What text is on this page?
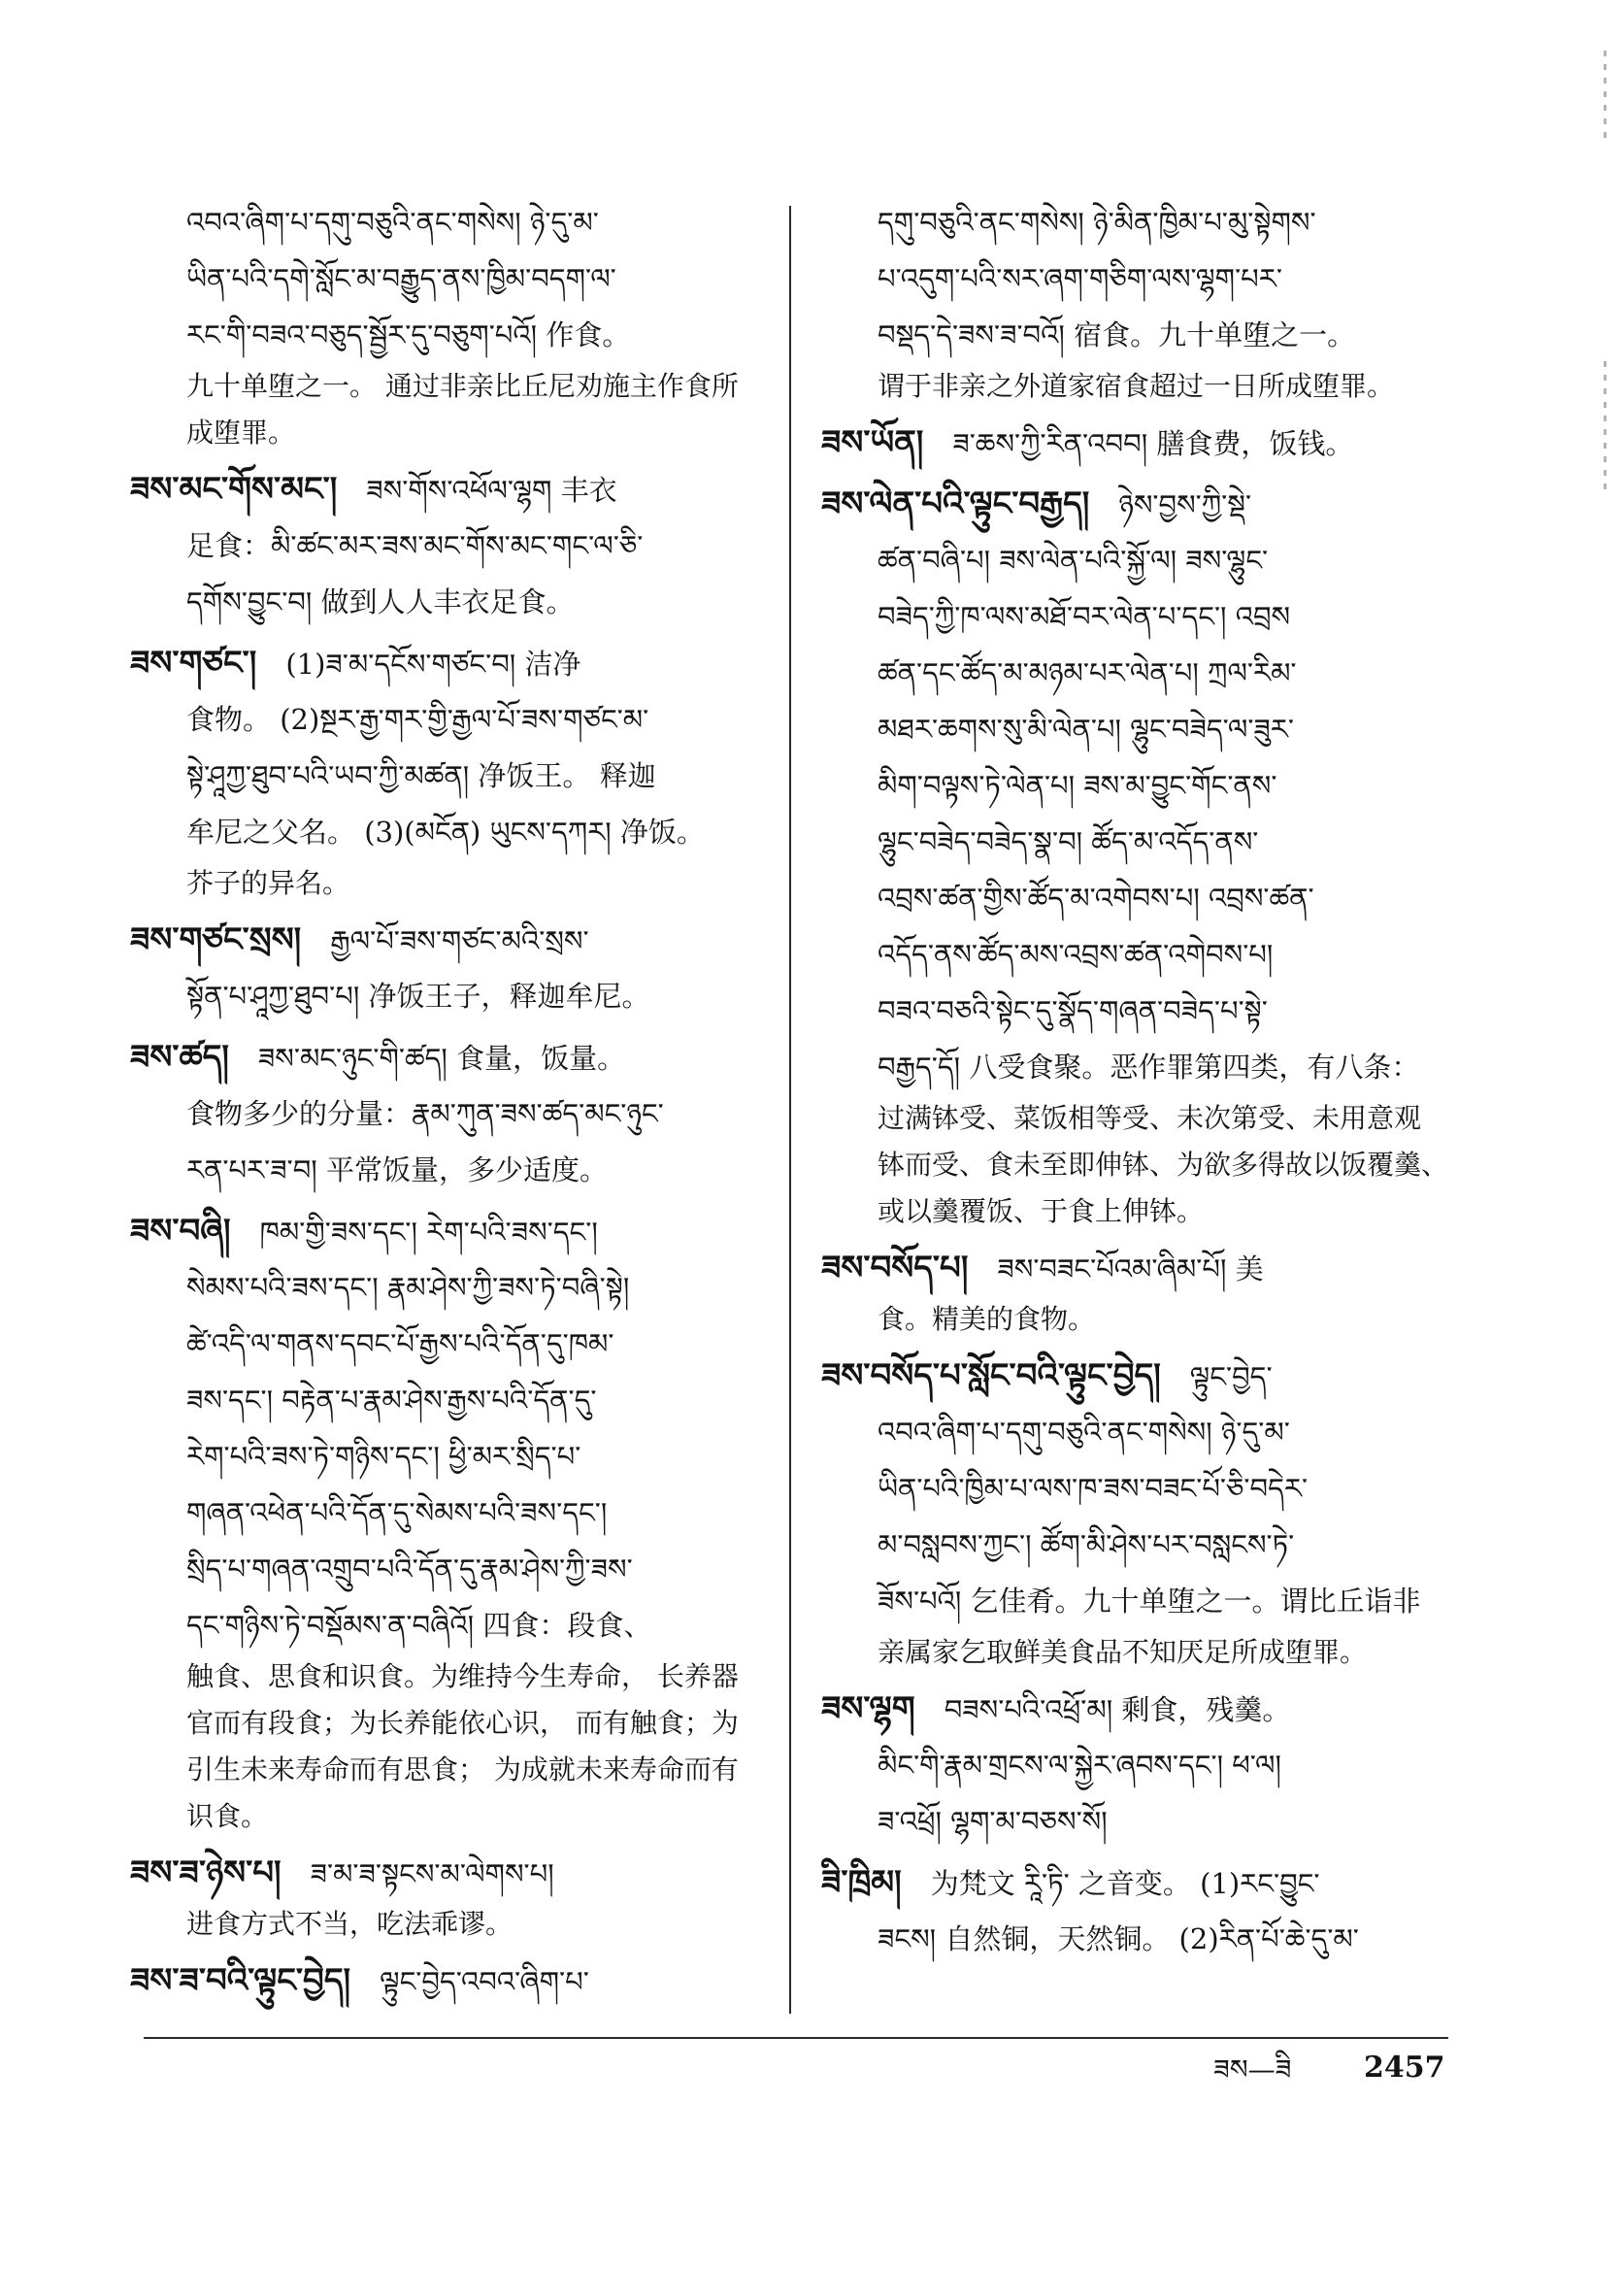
འབའ་ཞིག་པ་དགུ་བཅུའི་ནང་གསེས། ཉེ་དུ་མ་
ཡིན་པའི་དགེ་སློང་མ་བརྒྱུད་ནས་ཁྱིམ་བདག་ལ་
རང་གི་བཟའ་བཅུད་སྦྱོར་དུ་བཅུག་པའོ། 作食。
九十单堕之一。 通过非亲比丘尼劝施主作食所
成堕罪。
ཟས་མང་གོས་མང་། ཟས་གོས་འཕོལ་ལྷག 丰衣
足食：མི་ཚང་མར་ཟས་མང་གོས་མང་གང་ལ་ཅི་
དགོས་བྱུང་བ། 做到人人丰衣足食。
ཟས་གཙང་། (1)ཟ་མ་དངོས་གཙང་བ། 洁净
食物。 (2)སྔར་རྒྱ་གར་གྱི་རྒྱལ་པོ་ཟས་གཙང་མ་
སྟེ་ཤཱཀྱ་ཐུབ་པའི་ཡབ་ཀྱི་མཚན། 净饭王。 释迦
牟尼之父名。 (3)(མངོན) ཡུངས་དཀར། 净饭。
芥子的异名。
ཟས་གཙང་སྲས། རྒྱལ་པོ་ཟས་གཙང་མའི་སྲས་
སྟོན་པ་ཤཱཀྱ་ཐུབ་པ། 净饭王子，释迦牟尼。
ཟས་ཚད། ཟས་མང་ཉུང་གི་ཚད། 食量，饭量。
食物多少的分量：རྣམ་ཀུན་ཟས་ཚད་མང་ཉུང་
རན་པར་ཟ་བ། 平常饭量，多少适度。
ཟས་བཞི། ཁམ་གྱི་ཟས་དང་། རེག་པའི་ཟས་དང་།
སེམས་པའི་ཟས་དང་། རྣམ་ཤེས་ཀྱི་ཟས་ཏེ་བཞི་སྟེ།
ཚེ་འདི་ལ་གནས་དབང་པོ་རྒྱས་པའི་དོན་དུ་ཁམ་
ཟས་དང་། བརྟེན་པ་རྣམ་ཤེས་རྒྱས་པའི་དོན་དུ་
རེག་པའི་ཟས་ཏེ་གཉིས་དང་། ཕྱི་མར་སྲིད་པ་
གཞན་འཕེན་པའི་དོན་དུ་སེམས་པའི་ཟས་དང་།
སྲིད་པ་གཞན་འགྲུབ་པའི་དོན་དུ་རྣམ་ཤེས་ཀྱི་ཟས་
དང་གཉིས་ཏེ་བསྡོམས་ན་བཞིའོ། 四食：段食、
触食、思食和识食。为维持今生寿命， 长养器
官而有段食；为长养能依心识， 而有触食；为
引生未来寿命而有思食； 为成就未来寿命而有
识食。
ཟས་ཟ་ཉེས་པ། ཟ་མ་ཟ་སྟངས་མ་ལེགས་པ།
进食方式不当，吃法乖谬。
ཟས་ཟ་བའི་ལྟུང་བྱེད། ལྟུང་བྱེད་འབའ་ཞིག་པ་
དགུ་བཅུའི་ནང་གསེས། ཉེ་མིན་ཁྱིམ་པ་མུ་སྟེགས་
པ་འདུག་པའི་སར་ཞག་གཅིག་ལས་ལྷག་པར་
བསྡད་དེ་ཟས་ཟ་བའོ། 宿食。九十单堕之一。
谓于非亲之外道家宿食超过一日所成堕罪。
ཟས་ཡོན། ཟ་ཆས་ཀྱི་རིན་འབབ། 膳食费，饭钱。
ཟས་ལེན་པའི་ལྟུང་བརྒྱད། ཉེས་བྱས་ཀྱི་སྡེ་
ཚན་བཞི་པ། ཟས་ལེན་པའི་སྐྱོ་ལ། ཟས་ལྷུང་
བཟེད་ཀྱི་ཁ་ལས་མཐོ་བར་ལེན་པ་དང་། འབྲས
ཚན་དང་ཚོད་མ་མཉམ་པར་ལེན་པ། ཀྲལ་རིམ་
མཐར་ཆགས་སུ་མི་ལེན་པ། ལྷུང་བཟེད་ལ་ཟུར་
མིག་བལྟས་ཏེ་ལེན་པ། ཟས་མ་བྱུང་གོང་ནས་
ལྷུང་བཟེད་བཟེད་སྣ་བ། ཚོད་མ་འདོད་ནས་
འབྲས་ཚན་གྱིས་ཚོད་མ་འགེབས་པ། འབྲས་ཚན་
འདོད་ནས་ཚོད་མས་འབྲས་ཚན་འགེབས་པ།
བཟའ་བཅའི་སྟེང་དུ་སྣོད་གཞན་བཟེད་པ་སྟེ་
བརྒྱད་དོ། 八受食聚。恶作罪第四类，有八条：
过满钵受、菜饭相等受、未次第受、未用意观
钵而受、食未至即伸钵、为欲多得故以饭覆羹、
或以羹覆饭、于食上伸钵。
ཟས་བསོད་པ། ཟས་བཟང་པོའམ་ཞིམ་པོ། 美
食。精美的食物。
ཟས་བསོད་པ་སློང་བའི་ལྟུང་བྱེད། ལྟུང་བྱེད་
འབའ་ཞིག་པ་དགུ་བཅུའི་ནང་གསེས། ཉེ་དུ་མ་
ཡིན་པའི་ཁྱིམ་པ་ལས་ཁ་ཟས་བཟང་པོ་ཅི་བདེར་
མ་བསླབས་ཀྱང་། ཚོག་མི་ཤེས་པར་བསླངས་ཏེ་
ཟོས་པའོ། 乞佳肴。九十单堕之一。谓比丘诣非
亲属家乞取鲜美食品不知厌足所成堕罪。
ཟས་ལྷག བཟས་པའི་འཕྲོ་མ། 剩食，残羹。
མིང་གི་རྣམ་གྲངས་ལ་སྐྱེར་ཞབས་དང་། ཕ་ལ།
ཟ་འཕྲོ། ལྷག་མ་བཅས་སོ།
ཟི་ཁྲིམ། 为梵文 རཱི་ཏི་ 之音变。 (1)རང་བྱུང་
ཟངས། 自然铜，天然铜。 (2)རིན་པོ་ཆེ་དུ་མ་
ཟས—ཟི 2457
